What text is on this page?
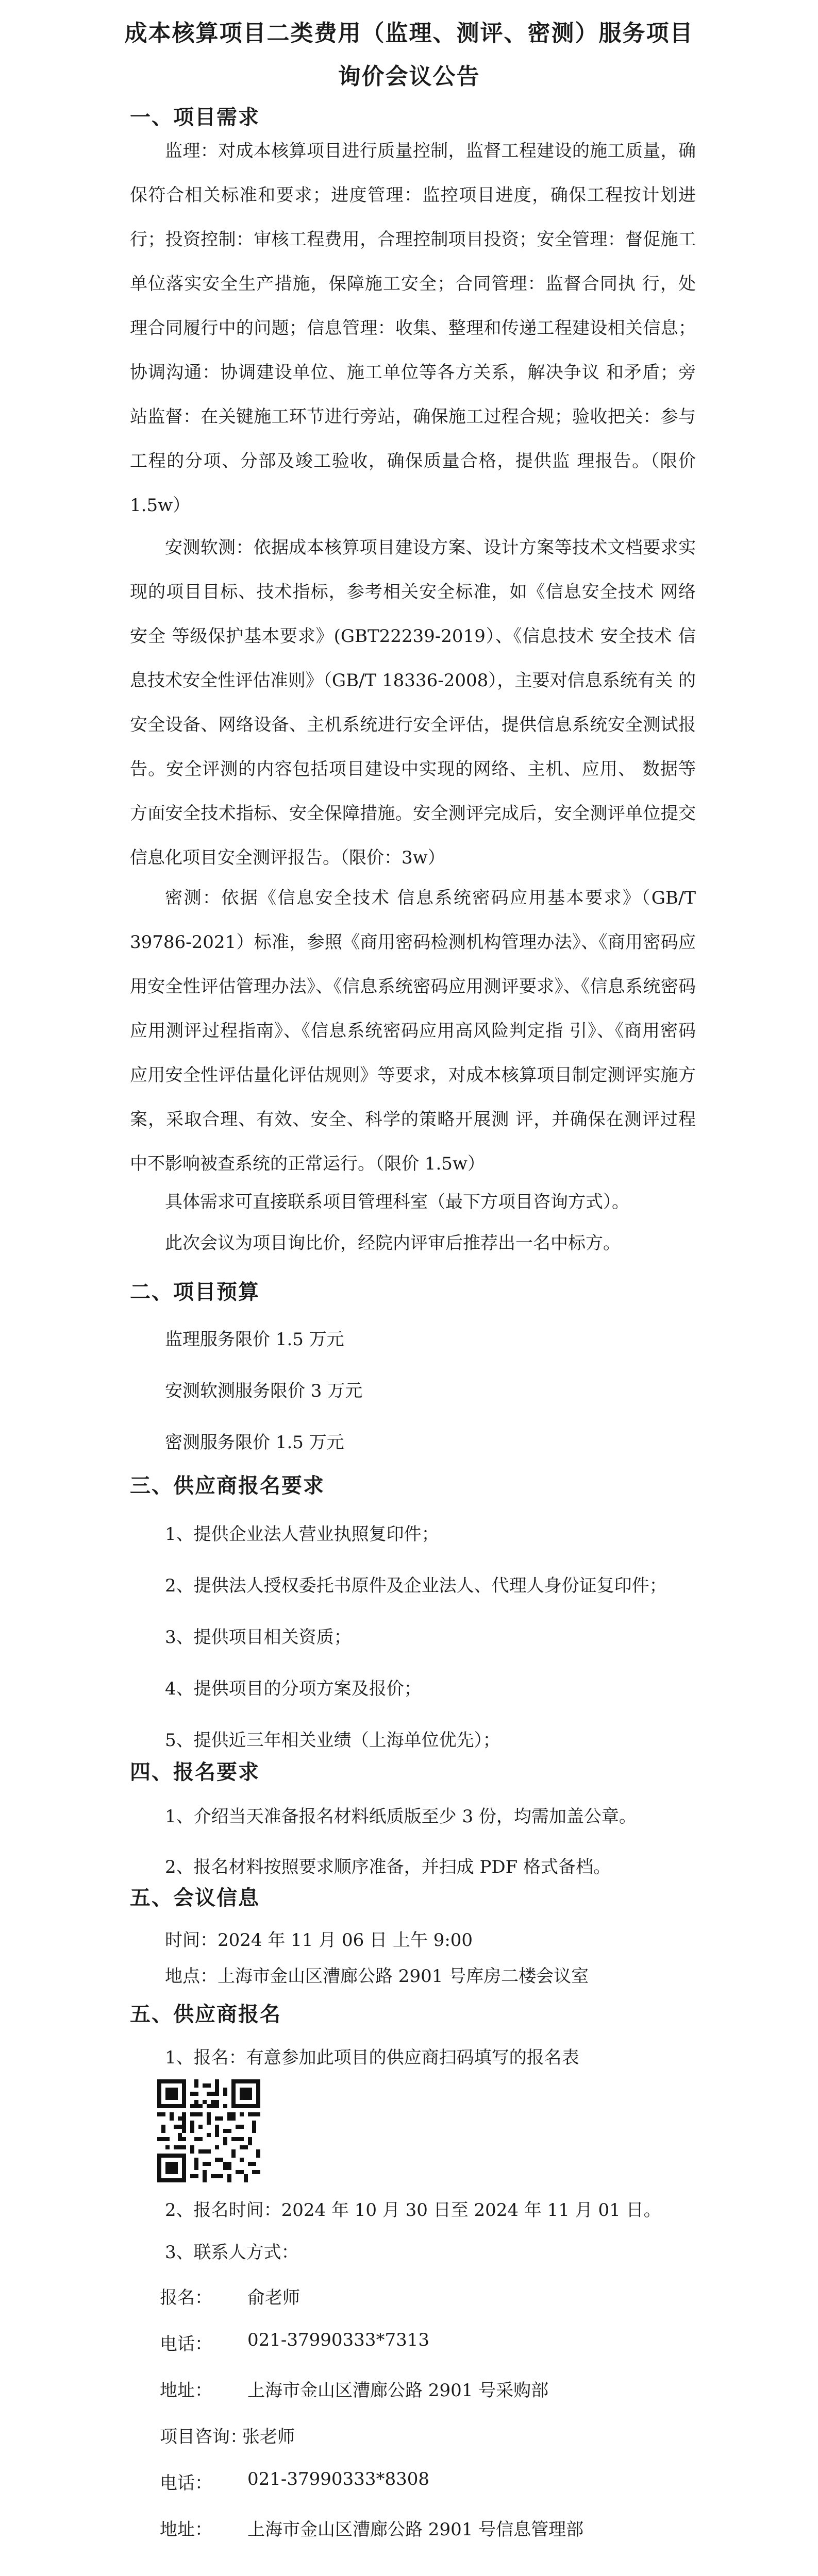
成本核算项目二类费用（监理、测评、密测）服务项目
询价会议公告
一、项目需求

监理：对成本核算项目进行质量控制，监督工程建设的施工质量，确保符合相关标准和要求；进度管理：监控项目进度，确保工程按计划进 行；投资控制：审核工程费用，合理控制项目投资；安全管理：督促施工单位落实安全生产措施，保障施工安全；合同管理：监督合同执 行，处理合同履行中的问题；信息管理：收集、整理和传递工程建设相关信息；协调沟通：协调建设单位、施工单位等各方关系，解决争议 和矛盾；旁站监督：在关键施工环节进行旁站，确保施工过程合规；验收把关：参与工程的分项、分部及竣工验收，确保质量合格，提供监 理报告。（限价 1.5w）

安测软测：依据成本核算项目建设方案、设计方案等技术文档要求实现的项目目标、技术指标，参考相关安全标准，如《信息安全技术 网络安全 等级保护基本要求》(GBT22239-2019）、《信息技术 安全技术 信息技术安全性评估准则》（GB/T 18336-2008），主要对信息系统有关 的安全设备、网络设备、主机系统进行安全评估，提供信息系统安全测试报告。安全评测的内容包括项目建设中实现的网络、主机、应用、 数据等方面安全技术指标、安全保障措施。安全测评完成后，安全测评单位提交信息化项目安全测评报告。（限价：3w）

密测：依据《信息安全技术 信息系统密码应用基本要求》（GB/T 39786-2021）标准，参照《商用密码检测机构管理办法》、《商用密码应 用安全性评估管理办法》、《信息系统密码应用测评要求》、《信息系统密码应用测评过程指南》、《信息系统密码应用高风险判定指 引》、《商用密码应用安全性评估量化评估规则》等要求，对成本核算项目制定测评实施方案，采取合理、有效、安全、科学的策略开展测 评，并确保在测评过程中不影响被查系统的正常运行。（限价 1.5w）

具体需求可直接联系项目管理科室（最下方项目咨询方式）。

此次会议为项目询比价，经院内评审后推荐出一名中标方。

二、项目预算
监理服务限价 1.5 万元
安测软测服务限价 3 万元
密测服务限价 1.5 万元
三、供应商报名要求
1、提供企业法人营业执照复印件；
2、提供法人授权委托书原件及企业法人、代理人身份证复印件；
3、提供项目相关资质；
4、提供项目的分项方案及报价；
5、提供近三年相关业绩（上海单位优先）；
四、报名要求
1、介绍当天准备报名材料纸质版至少 3 份，均需加盖公章。
2、报名材料按照要求顺序准备，并扫成 PDF 格式备档。
五、会议信息
时间：2024 年 11 月 06 日 上午 9:00
地点：上海市金山区漕廊公路 2901 号库房二楼会议室
五、供应商报名
1、报名：有意参加此项目的供应商扫码填写的报名表
2、报名时间：2024 年 10 月 30 日至 2024 年 11 月 01 日。
3、联系人方式：
报名： 俞老师
电话： 021-37990333*7313
地址： 上海市金山区漕廊公路 2901 号采购部
项目咨询：
张老师
电话： 021-37990333*8308
地址： 上海市金山区漕廊公路 2901 号信息管理部
